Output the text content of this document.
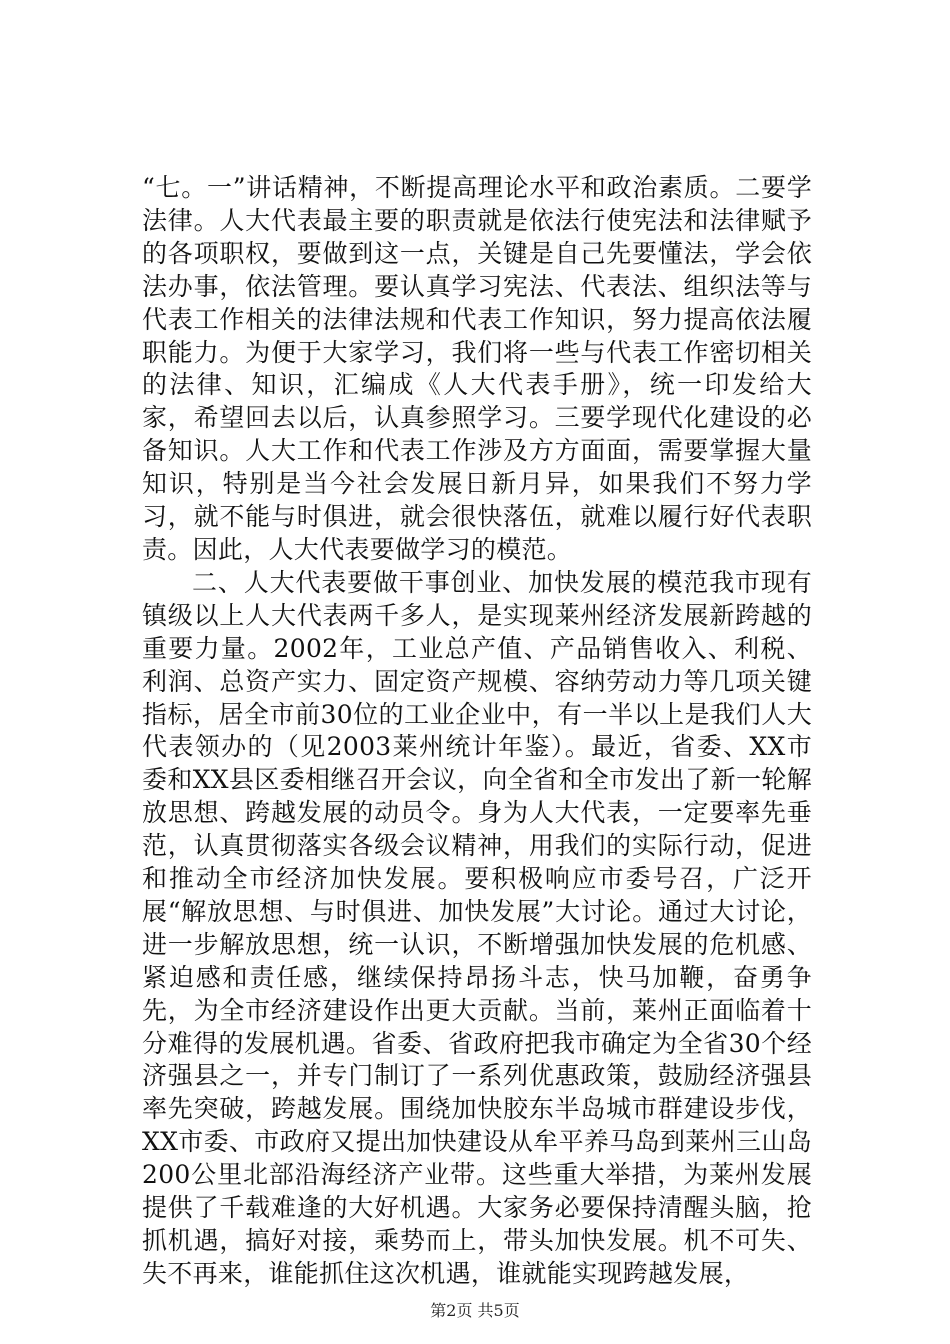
“七。一”讲话精神，不断提高理论水平和政治素质。二要学法律。人大代表最主要的职责就是依法行使宪法和法律赋予的各项职权，要做到这一点，关键是自己先要懂法，学会依法办事，依法管理。要认真学习宪法、代表法、组织法等与代表工作相关的法律法规和代表工作知识，努力提高依法履职能力。为便于大家学习，我们将一些与代表工作密切相关的法律、知识，汇编成《人大代表手册》，统一印发给大家，希望回去以后，认真参照学习。三要学现代化建设的必备知识。人大工作和代表工作涉及方方面面，需要掌握大量知识，特别是当今社会发展日新月异，如果我们不努力学习，就不能与时俱进，就会很快落伍，就难以履行好代表职责。因此，人大代表要做学习的模范。

二、人大代表要做干事创业、加快发展的模范我市现有镇级以上人大代表两千多人，是实现莱州经济发展新跨越的重要力量。2002年，工业总产值、产品销售收入、利税、利润、总资产实力、固定资产规模、容纳劳动力等几项关键指标，居全市前30位的工业企业中，有一半以上是我们人大代表领办的（见2003莱州统计年鉴）。最近，省委、XX市委和XX县区委相继召开会议，向全省和全市发出了新一轮解放思想、跨越发展的动员令。身为人大代表，一定要率先垂范，认真贯彻落实各级会议精神，用我们的实际行动，促进和推动全市经济加快发展。要积极响应市委号召，广泛开展“解放思想、与时俱进、加快发展”大讨论。通过大讨论，进一步解放思想，统一认识，不断增强加快发展的危机感、紧迫感和责任感，继续保持昂扬斗志，快马加鞭，奋勇争先，为全市经济建设作出更大贡献。当前，莱州正面临着十分难得的发展机遇。省委、省政府把我市确定为全省30个经济强县之一，并专门制订了一系列优惠政策，鼓励经济强县率先突破，跨越发展。围绕加快胶东半岛城市群建设步伐，XX市委、市政府又提出加快建设从牟平养马岛到莱州三山岛200公里北部沿海经济产业带。这些重大举措，为莱州发展提供了千载难逢的大好机遇。大家务必要保持清醒头脑，抢抓机遇，搞好对接，乘势而上，带头加快发展。机不可失、失不再来，谁能抓住这次机遇，谁就能实现跨越发展，

第2页 共5页
